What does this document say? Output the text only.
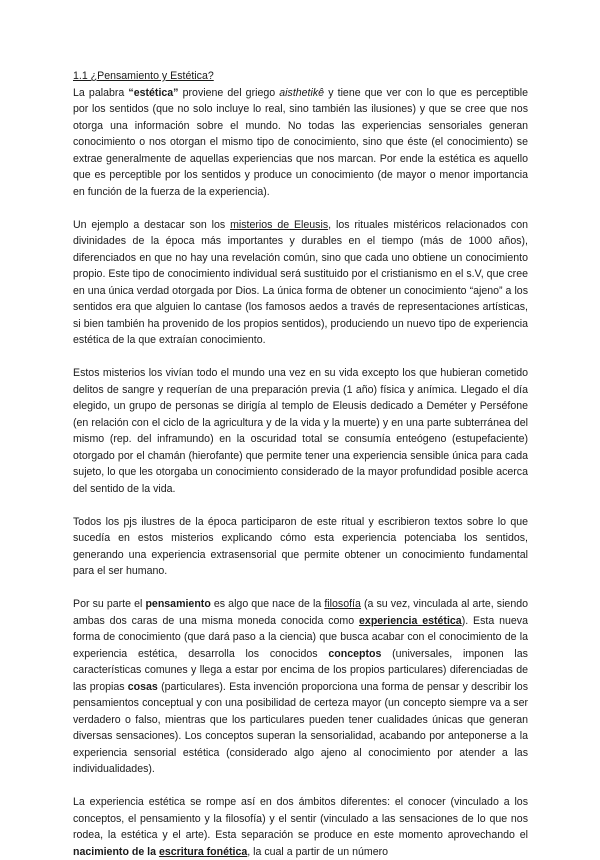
1.1 ¿Pensamiento y Estética?

La palabra “estética” proviene del griego aisthetikê y tiene que ver con lo que es perceptible por los sentidos (que no solo incluye lo real, sino también las ilusiones) y que se cree que nos otorga una información sobre el mundo. No todas las experiencias sensoriales generan conocimiento o nos otorgan el mismo tipo de conocimiento, sino que éste (el conocimiento) se extrae generalmente de aquellas experiencias que nos marcan. Por ende la estética es aquello que es perceptible por los sentidos y produce un conocimiento (de mayor o menor importancia en función de la fuerza de la experiencia).

Un ejemplo a destacar son los misterios de Eleusis, los rituales mistéricos relacionados con divinidades de la época más importantes y durables en el tiempo (más de 1000 años), diferenciados en que no hay una revelación común, sino que cada uno obtiene un conocimiento propio. Este tipo de conocimiento individual será sustituido por el cristianismo en el s.V, que cree en una única verdad otorgada por Dios. La única forma de obtener un conocimiento “ajeno” a los sentidos era que alguien lo cantase (los famosos aedos a través de representaciones artísticas, si bien también ha provenido de los propios sentidos), produciendo un nuevo tipo de experiencia estética de la que extraían conocimiento.

Estos misterios los vivían todo el mundo una vez en su vida excepto los que hubieran cometido delitos de sangre y requerían de una preparación previa (1 año) física y anímica. Llegado el día elegido, un grupo de personas se dirigía al templo de Eleusis dedicado a Deméter y Perséfone (en relación con el ciclo de la agricultura y de la vida y la muerte) y en una parte subterránea del mismo (rep. del inframundo) en la oscuridad total se consumía enteógeno (estupefaciente) otorgado por el chamán (hierofante) que permite tener una experiencia sensible única para cada sujeto, lo que les otorgaba un conocimiento considerado de la mayor profundidad posible acerca del sentido de la vida.

Todos los pjs ilustres de la época participaron de este ritual y escribieron textos sobre lo que sucedía en estos misterios explicando cómo esta experiencia potenciaba los sentidos, generando una experiencia extrasensorial que permite obtener un conocimiento fundamental para el ser humano.

Por su parte el pensamiento es algo que nace de la filosofía (a su vez, vinculada al arte, siendo ambas dos caras de una misma moneda conocida como experiencia estética). Esta nueva forma de conocimiento (que dará paso a la ciencia) que busca acabar con el conocimiento de la experiencia estética, desarrolla los conocidos conceptos (universales, imponen las características comunes y llega a estar por encima de los propios particulares) diferenciadas de las propias cosas (particulares). Esta invención proporciona una forma de pensar y describir los pensamientos conceptual y con una posibilidad de certeza mayor (un concepto siempre va a ser verdadero o falso, mientras que los particulares pueden tener cualidades únicas que generan diversas sensaciones). Los conceptos superan la sensorialidad, acabando por anteponerse a la experiencia sensorial estética (considerado algo ajeno al conocimiento por atender a las individualidades).

La experiencia estética se rompe así en dos ámbitos diferentes: el conocer (vinculado a los conceptos, el pensamiento y la filosofía) y el sentir (vinculado a las sensaciones de lo que nos rodea, la estética y el arte). Esta separación se produce en este momento aprovechando el nacimiento de la escritura fonética, la cual a partir de un número
